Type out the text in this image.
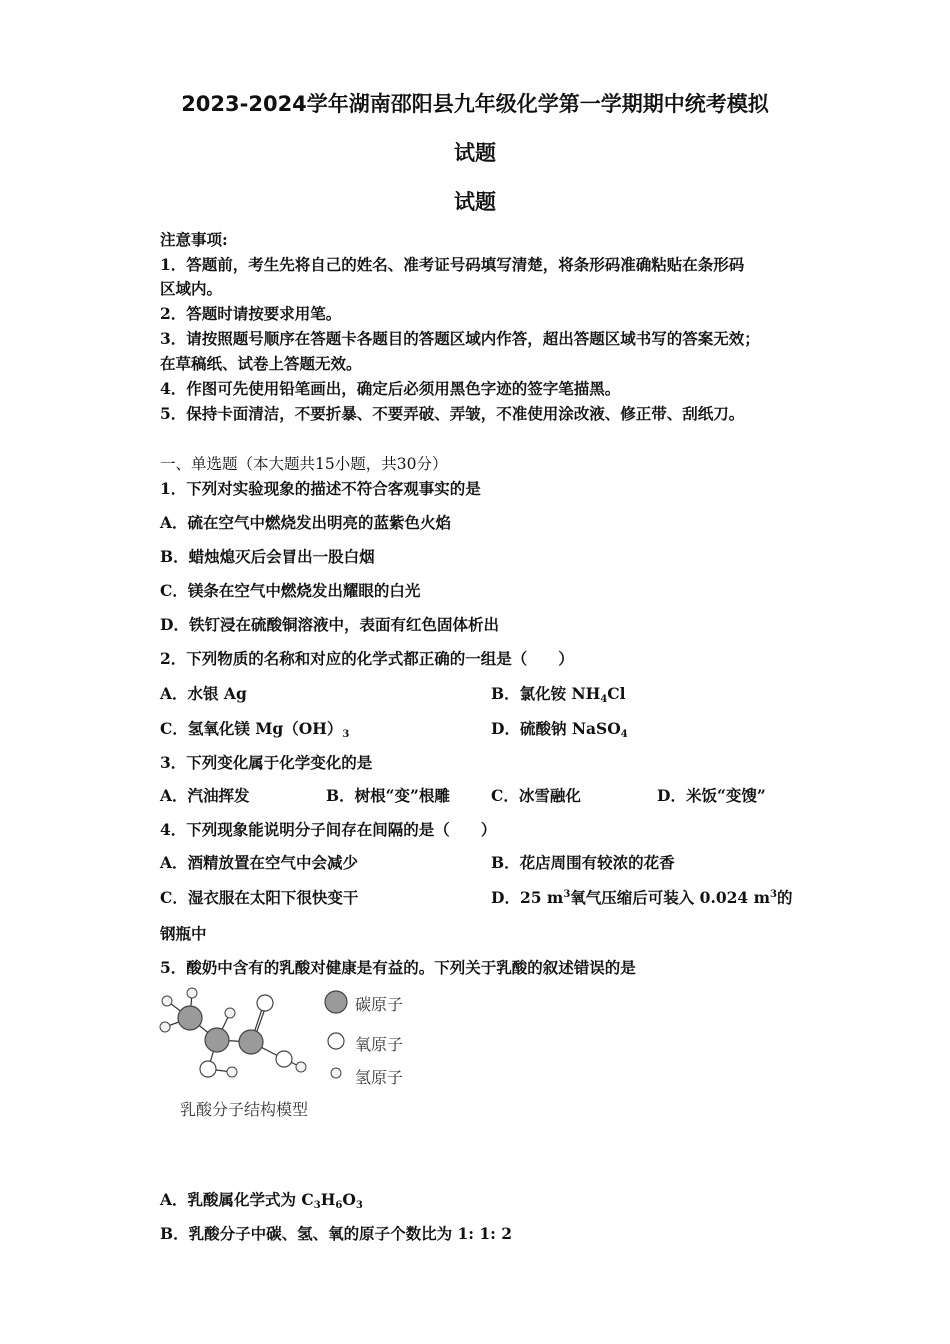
2023-2024学年湖南邵阳县九年级化学第一学期期中统考模拟
试题
试题
注意事项:
1．答题前，考生先将自己的姓名、准考证号码填写清楚，将条形码准确粘贴在条形码
区域内。
2．答题时请按要求用笔。
3．请按照题号顺序在答题卡各题目的答题区域内作答，超出答题区域书写的答案无效；
在草稿纸、试卷上答题无效。
4．作图可先使用铅笔画出，确定后必须用黑色字迹的签字笔描黑。
5．保持卡面清洁，不要折暴、不要弄破、弄皱，不准使用涂改液、修正带、刮纸刀。
一、单选题（本大题共15小题，共30分）
1．下列对实验现象的描述不符合客观事实的是
A．硫在空气中燃烧发出明亮的蓝紫色火焰
B．蜡烛熄灭后会冒出一股白烟
C．镁条在空气中燃烧发出耀眼的白光
D．铁钉浸在硫酸铜溶液中，表面有红色固体析出
2．下列物质的名称和对应的化学式都正确的一组是（　　）
A．水银 Ag	B．氯化铵 $NH_4Cl$
C．氢氧化镁 $Mg(OH)_3$	D．硫酸钠 NaSO$_4$
3．下列变化属于化学变化的是
A．汽油挥发	B．树根“变”根雕	C．冰雪融化	D．米饭“变馊”
4．下列现象能说明分子间存在间隔的是（　　）
A．酒精放置在空气中会减少	B．花店周围有较浓的花香
C．湿衣服在太阳下很快变干	D．25 $m^3$氧气压缩后可装入 0.024 $m^3$的
钢瓶中
5．酸奶中含有的乳酸对健康是有益的。下列关于乳酸的叙述错误的是
碳原子
氧原子
氢原子
乳酸分子结构模型
A．乳酸属化学式为 $C_3H_6O_3$
B．乳酸分子中碳、氢、氧的原子个数比为 1: 1: 2
